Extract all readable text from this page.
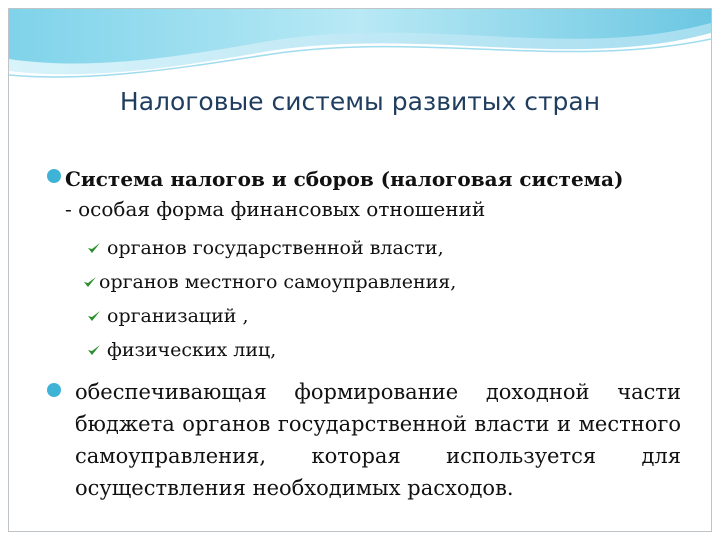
Налоговые системы развитых стран
Система налогов и сборов (налоговая система)
- особая форма финансовых отношений
органов государственной власти,
органов местного самоуправления,
организаций ,
физических лиц,
обеспечивающая формирование доходной части бюджета органов государственной власти и местного самоуправления, которая используется для осуществления необходимых расходов.
